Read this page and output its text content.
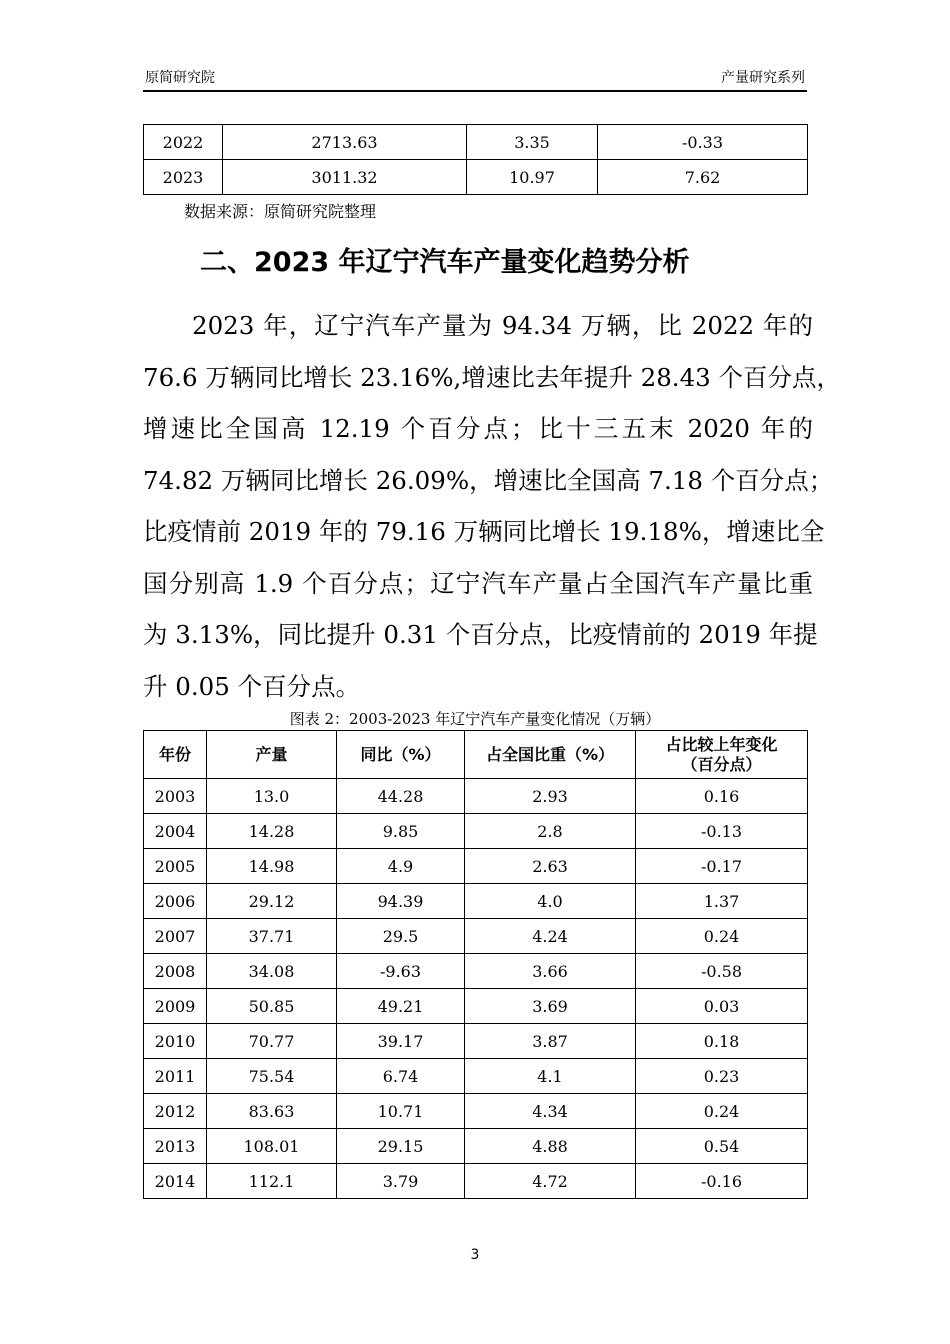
原简研究院	产量研究系列
2022	2713.63	3.35	-0.33
2023	3011.32	10.97	7.62
数据来源：原简研究院整理
二、2023 年辽宁汽车产量变化趋势分析
2023 年，辽宁汽车产量为 94.34 万辆，比 2022 年的
76.6 万辆同比增长 23.16%,增速比去年提升 28.43 个百分点，
增速比全国高 12.19 个百分点；比十三五末 2020 年的
74.82 万辆同比增长 26.09%，增速比全国高 7.18 个百分点；
比疫情前 2019 年的 79.16 万辆同比增长 19.18%，增速比全
国分别高 1.9 个百分点；辽宁汽车产量占全国汽车产量比重
为 3.13%，同比提升 0.31 个百分点，比疫情前的 2019 年提
升 0.05 个百分点。
图表 2：2003-2023 年辽宁汽车产量变化情况（万辆）
年份	产量	同比（%）	占全国比重（%）	占比较上年变化
（百分点）

2003	13.0	44.28	2.93	0.16
2004	14.28	9.85	2.8	-0.13
2005	14.98	4.9	2.63	-0.17
2006	29.12	94.39	4.0	1.37
2007	37.71	29.5	4.24	0.24
2008	34.08	-9.63	3.66	-0.58
2009	50.85	49.21	3.69	0.03
2010	70.77	39.17	3.87	0.18
2011	75.54	6.74	4.1	0.23
2012	83.63	10.71	4.34	0.24
2013	108.01	29.15	4.88	0.54
2014	112.1	3.79	4.72	-0.16
3
